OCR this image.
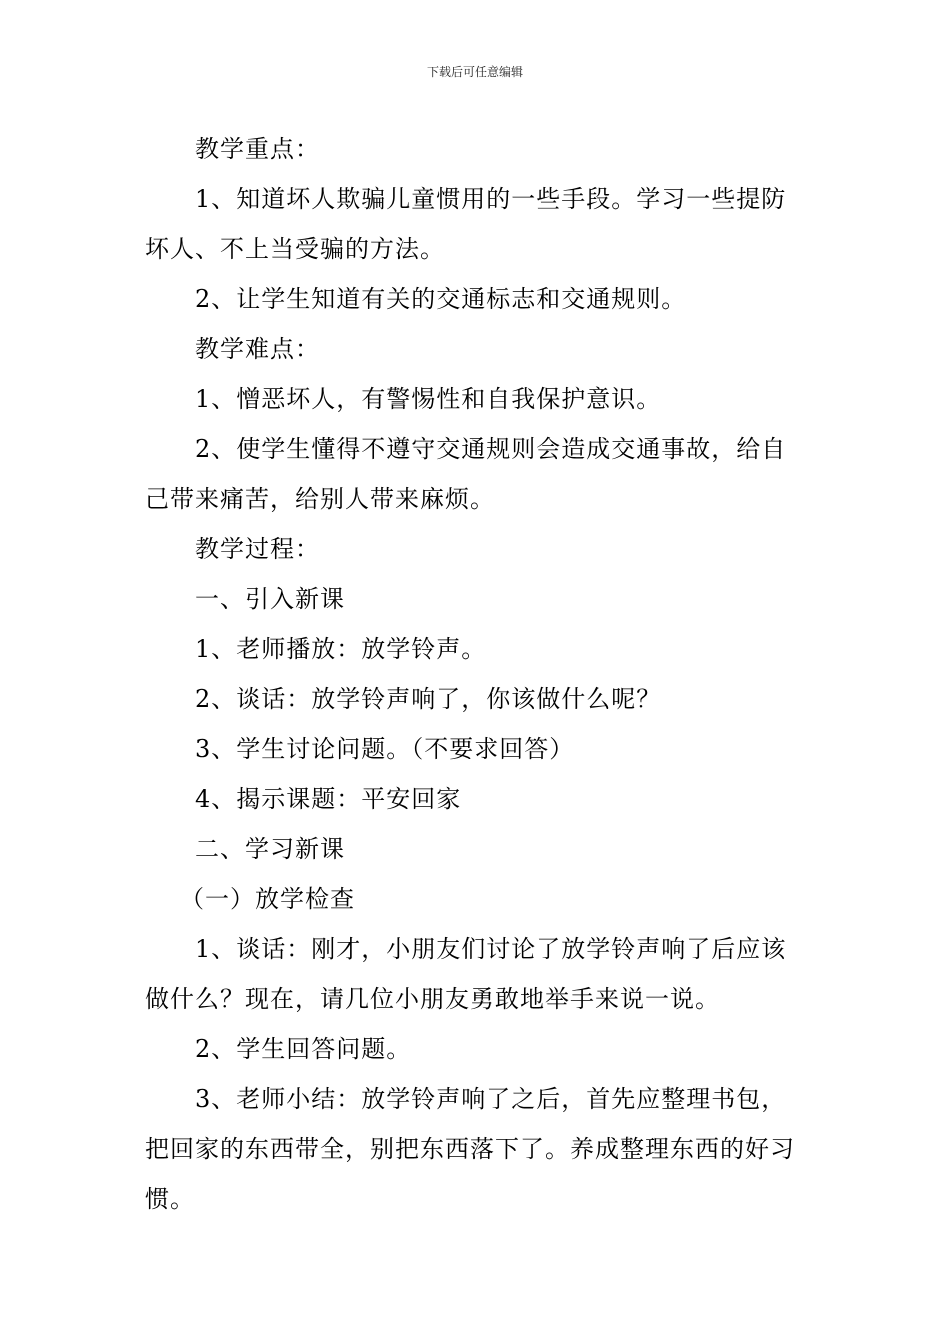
下载后可任意编辑

教学重点：

1、知道坏人欺骗儿童惯用的一些手段。学习一些提防坏人、不上当受骗的方法。

2、让学生知道有关的交通标志和交通规则。

教学难点：

1、憎恶坏人，有警惕性和自我保护意识。

2、使学生懂得不遵守交通规则会造成交通事故，给自己带来痛苦，给别人带来麻烦。

教学过程：

一、引入新课

1、老师播放：放学铃声。

2、谈话：放学铃声响了，你该做什么呢？

3、学生讨论问题。（不要求回答）

4、揭示课题：平安回家

二、学习新课

（一）放学检查

1、谈话：刚才，小朋友们讨论了放学铃声响了后应该做什么？现在，请几位小朋友勇敢地举手来说一说。

2、学生回答问题。

3、老师小结：放学铃声响了之后，首先应整理书包，把回家的东西带全，别把东西落下了。养成整理东西的好习惯。
